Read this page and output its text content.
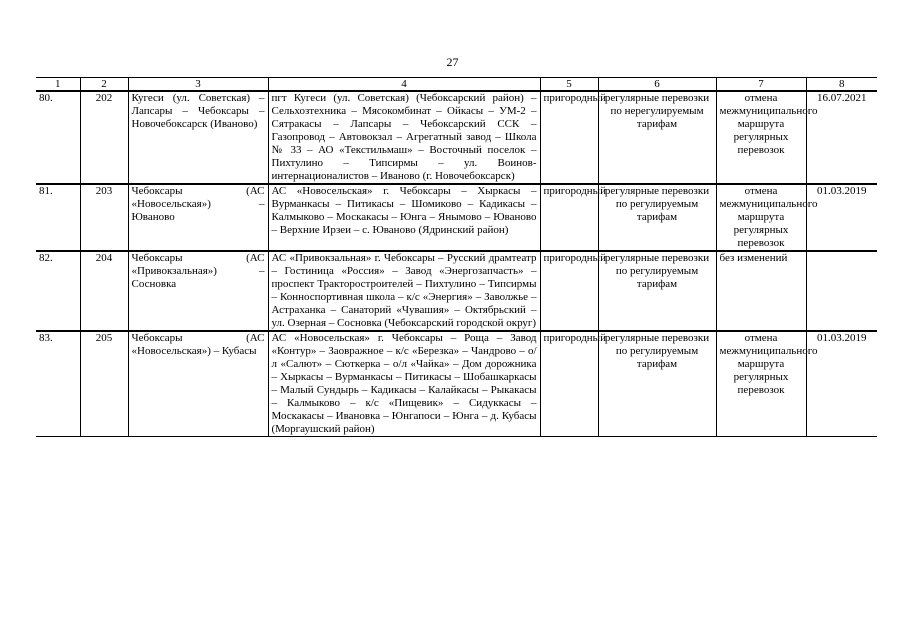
27
1	2	3	4	5	6	7	8
80.	202	Кугеси (ул. Советская) – Лапсары – Чебоксары – Новочебоксарск (Иваново)	пгт Кугеси (ул. Советская) (Чебоксарский район) – Сельхозтехника – Мясокомбинат – Ойкасы – УМ-2 – Сятракасы – Лапсары – Чебоксарский ССК – Газопровод – Автовокзал – Агрегатный завод – Школа № 33 – АО «Текстильмаш» – Восточный поселок – Пихтулино – Типсирмы – ул. Воинов-интернационалистов – Иваново (г. Новочебоксарск)	пригородный	регулярные перевозки по нерегулируемым тарифам	отмена межмуниципального маршрута регулярных перевозок	16.07.2021
81.	203	Чебоксары (АС «Новосельская») – Юваново	АС «Новосельская» г. Чебоксары – Хыркасы – Вурманкасы – Питикасы – Шомиково – Кадикасы – Калмыково – Москакасы – Юнга – Янымово – Юваново – Верхние Ирзеи – с. Юваново (Ядринский район)	пригородный	регулярные перевозки по регулируемым тарифам	отмена межмуниципального маршрута регулярных перевозок	01.03.2019
82.	204	Чебоксары (АС «Привокзальная») – Сосновка	АС «Привокзальная» г. Чебоксары – Русский драмтеатр – Гостиница «Россия» – Завод «Энергозапчасть» – проспект Тракторостроителей – Пихтулино – Типсирмы – Конноспортивная школа – к/с «Энергия» – Заволжье – Астраханка – Санаторий «Чувашия» – Октябрьский – ул. Озерная – Сосновка (Чебоксарский городской округ)	пригородный	регулярные перевозки по регулируемым тарифам	без изменений	
83.	205	Чебоксары (АС «Новосельская») – Кубасы	АС «Новосельская» г. Чебоксары – Роща – Завод «Контур» – Заовражное – к/с «Березка» – Чандрово – о/л «Салют» – Сюткерка – о/л «Чайка» – Дом дорожника – Хыркасы – Вурманкасы – Питикасы – Шобашкаркасы – Малый Сундырь – Кадикасы – Калайкасы – Рыкакасы – Калмыково – к/с «Пищевик» – Сидуккасы – Москакасы – Ивановка – Юнгапоси – Юнга – д. Кубасы (Моргаушский район)	пригородный	регулярные перевозки по регулируемым тарифам	отмена межмуниципального маршрута регулярных перевозок	01.03.2019
